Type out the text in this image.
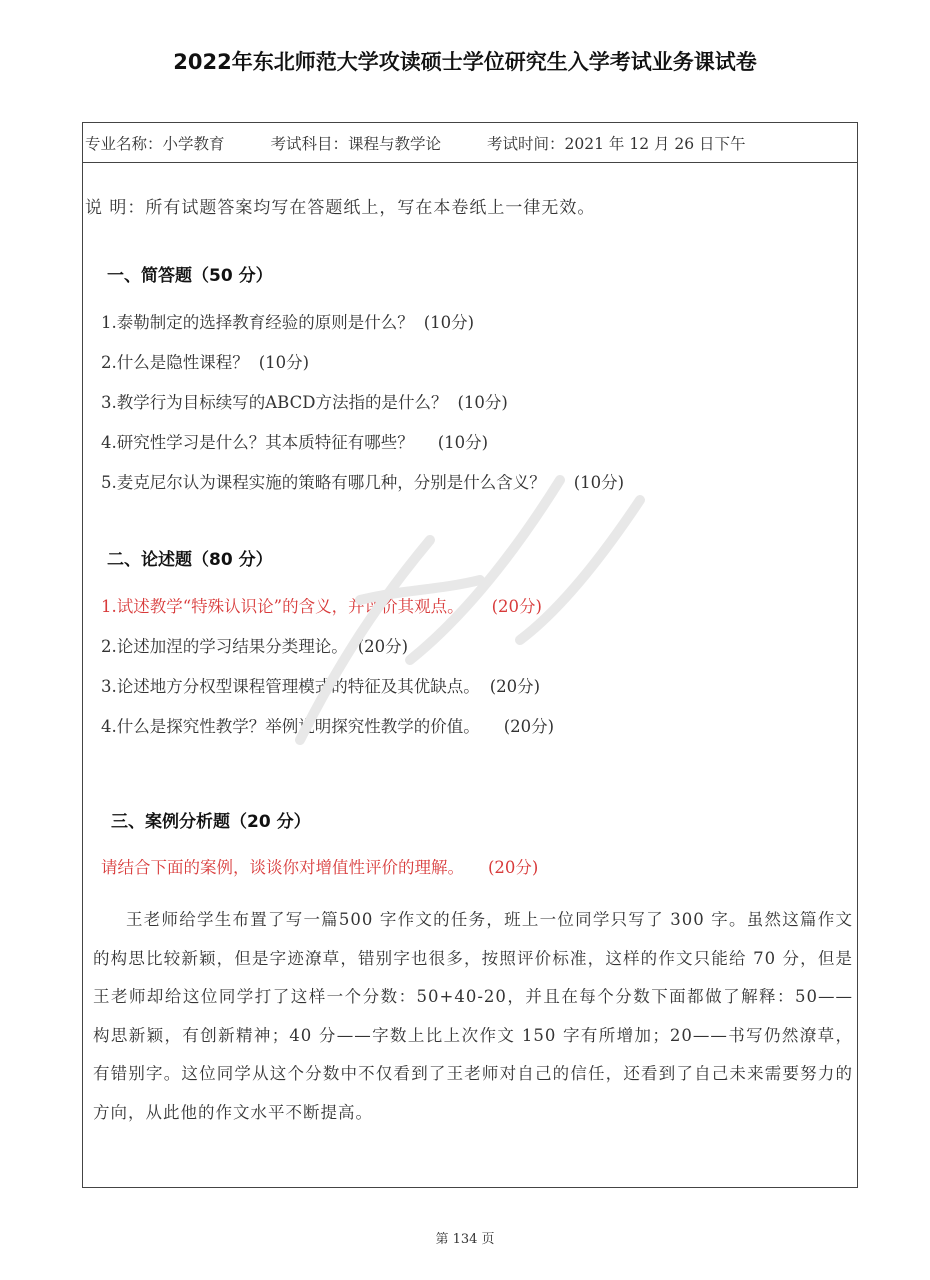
2022年东北师范大学攻读硕士学位研究生入学考试业务课试卷
专业名称：小学教育	考试科目：课程与教学论	考试时间：2021 年 12 月 26 日下午
说 明：所有试题答案均写在答题纸上，写在本卷纸上一律无效。
一、简答题（50 分）
1.泰勒制定的选择教育经验的原则是什么？ (10分)
2.什么是隐性课程？ (10分)
3.教学行为目标续写的ABCD方法指的是什么？ (10分)
4.研究性学习是什么？其本质特征有哪些？ (10分)
5.麦克尼尔认为课程实施的策略有哪几种，分别是什么含义？ (10分)
二、论述题（80 分）
1.试述教学“特殊认识论”的含义，并评价其观点。 (20分)
2.论述加涅的学习结果分类理论。 (20分)
3.论述地方分权型课程管理模式的特征及其优缺点。 (20分)
4.什么是探究性教学？举例说明探究性教学的价值。 (20分)
三、案例分析题（20 分）
请结合下面的案例，谈谈你对增值性评价的理解。 (20分)
王老师给学生布置了写一篇500 字作文的任务，班上一位同学只写了 300 字。虽然这篇作文的构思比较新颖，但是字迹潦草，错别字也很多，按照评价标准，这样的作文只能给 70 分，但是王老师却给这位同学打了这样一个分数：50+40-20，并且在每个分数下面都做了解释：50——构思新颖，有创新精神；40 分——字数上比上次作文 150 字有所增加；20——书写仍然潦草，有错别字。这位同学从这个分数中不仅看到了王老师对自己的信任，还看到了自己未来需要努力的方向，从此他的作文水平不断提高。
第 134 页
